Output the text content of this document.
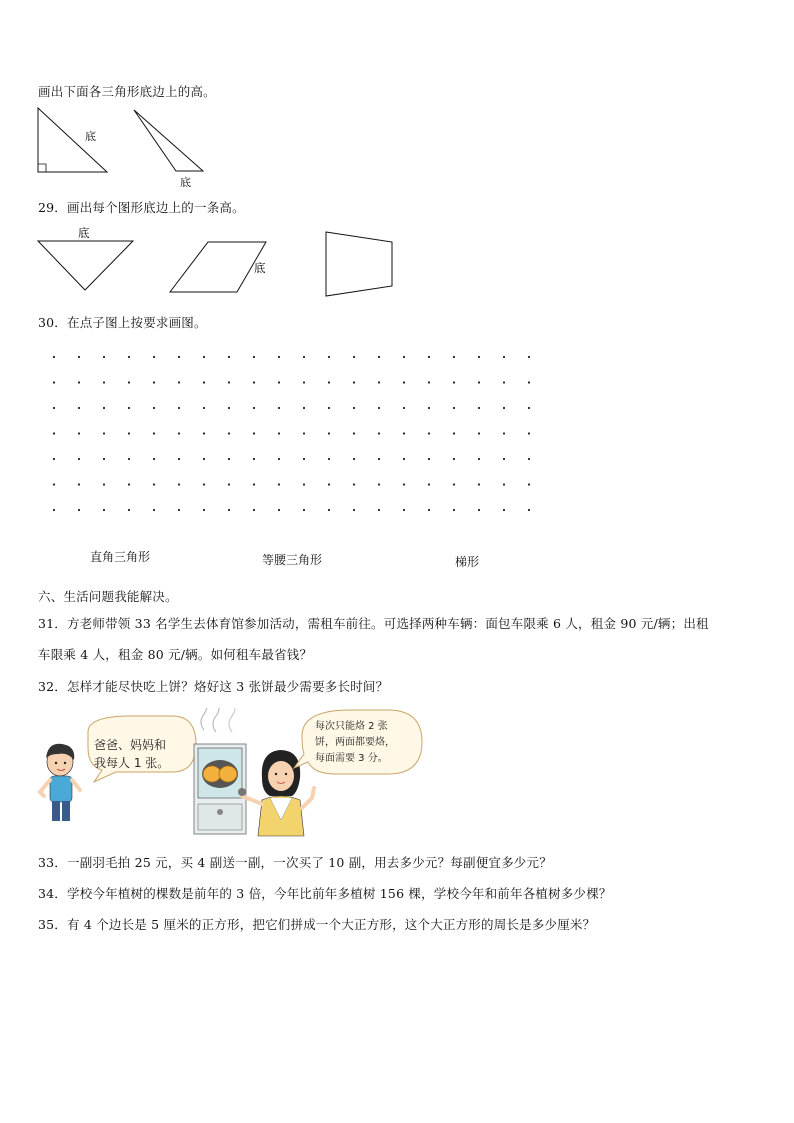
画出下面各三角形底边上的高。
底
底
29．画出每个图形底边上的一条高。
底
底
30．在点子图上按要求画图。
直角三角形	等腰三角形	梯形
六、生活问题我能解决。
31．方老师带领 33 名学生去体育馆参加活动，需租车前往。可选择两种车辆：面包车限乘 6 人，租金 90 元/辆；出租
车限乘 4 人，租金 80 元/辆。如何租车最省钱？
32．怎样才能尽快吃上饼？烙好这 3 张饼最少需要多长时间？
爸爸、妈妈和
我每人 1 张。
每次只能烙 2 张
饼，两面都要烙，
每面需要 3 分。
33．一副羽毛拍 25 元，买 4 副送一副，一次买了 10 副，用去多少元？每副便宜多少元？
34．学校今年植树的棵数是前年的 3 倍，今年比前年多植树 156 棵，学校今年和前年各植树多少棵？
35．有 4 个边长是 5 厘米的正方形，把它们拼成一个大正方形，这个大正方形的周长是多少厘米？
